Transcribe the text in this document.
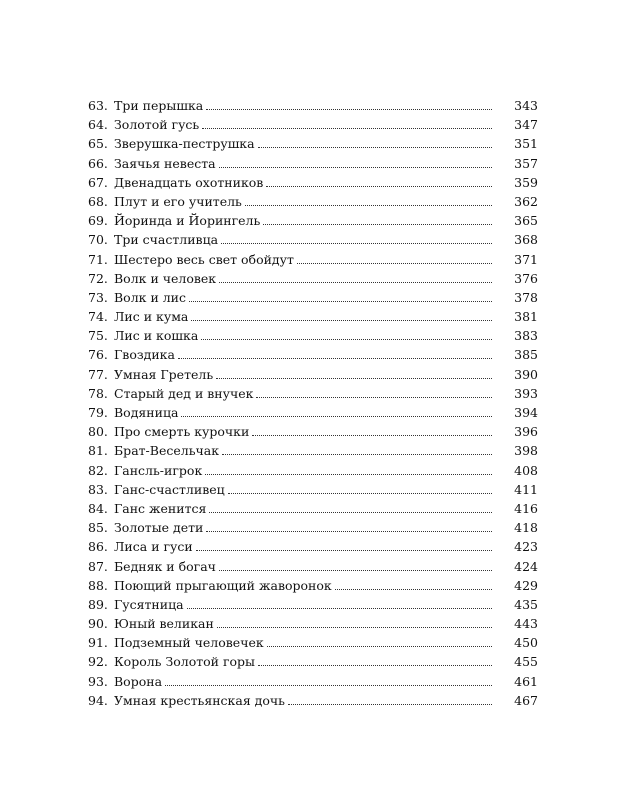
63. Три перышка	343
64. Золотой гусь	347
65. Зверушка-пеструшка	351
66. Заячья невеста	357
67. Двенадцать охотников	359
68. Плут и его учитель	362
69. Йоринда и Йорингель	365
70. Три счастливца	368
71. Шестеро весь свет обойдут	371
72. Волк и человек	376
73. Волк и лис	378
74. Лис и кума	381
75. Лис и кошка	383
76. Гвоздика	385
77. Умная Гретель	390
78. Старый дед и внучек	393
79. Водяница	394
80. Про смерть курочки	396
81. Брат-Весельчак	398
82. Гансль-игрок	408
83. Ганс-счастливец	411
84. Ганс женится	416
85. Золотые дети	418
86. Лиса и гуси	423
87. Бедняк и богач	424
88. Поющий прыгающий жаворонок	429
89. Гусятница	435
90. Юный великан	443
91. Подземный человечек	450
92. Король Золотой горы	455
93. Ворона	461
94. Умная крестьянская дочь	467
